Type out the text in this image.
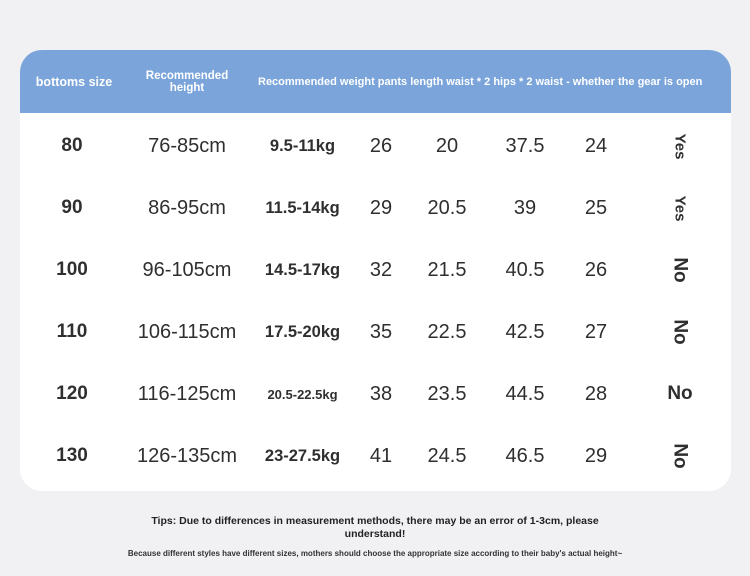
bottoms size	Recommended height	Recommended weight pants length waist * 2 hips * 2 waist - whether the gear is open
80	76-85cm	9.5-11kg	26	20	37.5	24	Yes
90	86-95cm	11.5-14kg	29	20.5	39	25	Yes
100	96-105cm	14.5-17kg	32	21.5	40.5	26	No
110	106-115cm	17.5-20kg	35	22.5	42.5	27	No
120	116-125cm	20.5-22.5kg	38	23.5	44.5	28	No
130	126-135cm	23-27.5kg	41	24.5	46.5	29	No
Tips: Due to differences in measurement methods, there may be an error of 1-3cm, please understand!
Because different styles have different sizes, mothers should choose the appropriate size according to their baby's actual height~
